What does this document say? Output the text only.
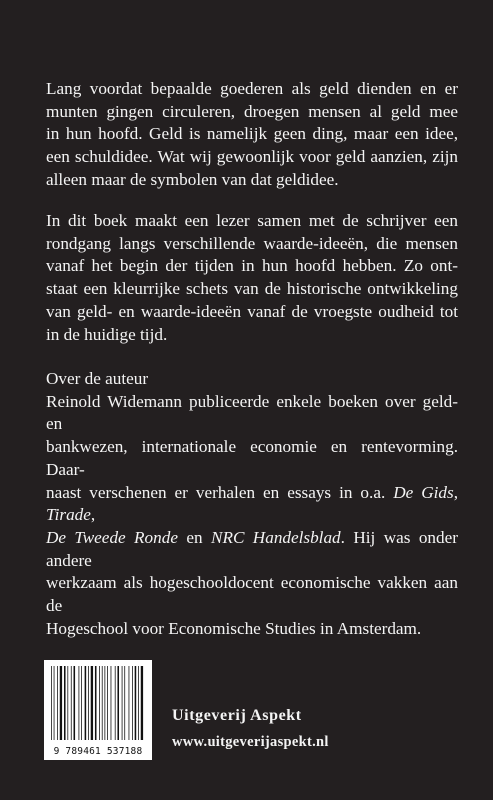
Lang voordat bepaalde goederen als geld dienden en er
munten gingen circuleren, droegen mensen al geld mee
in hun hoofd. Geld is namelijk geen ding, maar een idee,
een schuldidee. Wat wij gewoonlijk voor geld aanzien, zijn
alleen maar de symbolen van dat geldidee.
In dit boek maakt een lezer samen met de schrijver een
rondgang langs verschillende waarde-ideeën, die mensen
vanaf het begin der tijden in hun hoofd hebben. Zo ont-
staat een kleurrijke schets van de historische ontwikkeling
van geld- en waarde-ideeën vanaf de vroegste oudheid tot
in de huidige tijd.
Over de auteur
Reinold Widemann publiceerde enkele boeken over geld- en
bankwezen, internationale economie en rentevorming. Daar-
naast verschenen er verhalen en essays in o.a. De Gids, Tirade,
De Tweede Ronde en NRC Handelsblad. Hij was onder andere
werkzaam als hogeschooldocent economische vakken aan de
Hogeschool voor Economische Studies in Amsterdam.
9 789461 537188
Uitgeverij Aspekt
www.uitgeverijaspekt.nl
